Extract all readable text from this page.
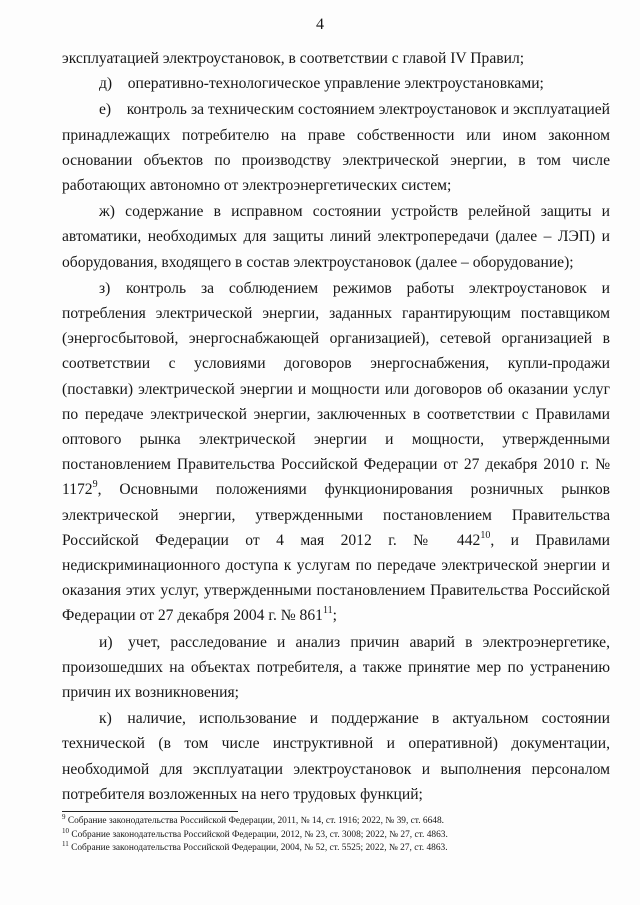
4

эксплуатацией электроустановок, в соответствии с главой IV Правил;

д) оперативно-технологическое управление электроустановками;

е) контроль за техническим состоянием электроустановок и эксплуатацией принадлежащих потребителю на праве собственности или ином законном основании объектов по производству электрической энергии, в том числе работающих автономно от электроэнергетических систем;

ж) содержание в исправном состоянии устройств релейной защиты и автоматики, необходимых для защиты линий электропередачи (далее – ЛЭП) и оборудования, входящего в состав электроустановок (далее – оборудование);

з) контроль за соблюдением режимов работы электроустановок и потребления электрической энергии, заданных гарантирующим поставщиком (энергосбытовой, энергоснабжающей организацией), сетевой организацией в соответствии с условиями договоров энергоснабжения, купли-продажи (поставки) электрической энергии и мощности или договоров об оказании услуг по передаче электрической энергии, заключенных в соответствии с Правилами оптового рынка электрической энергии и мощности, утвержденными постановлением Правительства Российской Федерации от 27 декабря 2010 г. № 1172$^9$, Основными положениями функционирования розничных рынков электрической энергии, утвержденными постановлением Правительства Российской Федерации от 4 мая 2012 г. № $442^{10}$, и Правилами недискриминационного доступа к услугам по передаче электрической энергии и оказания этих услуг, утвержденными постановлением Правительства Российской Федерации от 27 декабря 2004 г. № $861^{11}$;

и) учет, расследование и анализ причин аварий в электроэнергетике, произошедших на объектах потребителя, а также принятие мер по устранению причин их возникновения;

к) наличие, использование и поддержание в актуальном состоянии технической (в том числе инструктивной и оперативной) документации, необходимой для эксплуатации электроустановок и выполнения персоналом потребителя возложенных на него трудовых функций;

$^9$ Собрание законодательства Российской Федерации, 2011, № 14, ст. 1916; 2022, № 39, ст. 6648.

$^{10}$ Собрание законодательства Российской Федерации, 2012, № 23, ст. 3008; 2022, № 27, ст. 4863.

$^{11}$ Собрание законодательства Российской Федерации, 2004, № 52, ст. 5525; 2022, № 27, ст. 4863.
